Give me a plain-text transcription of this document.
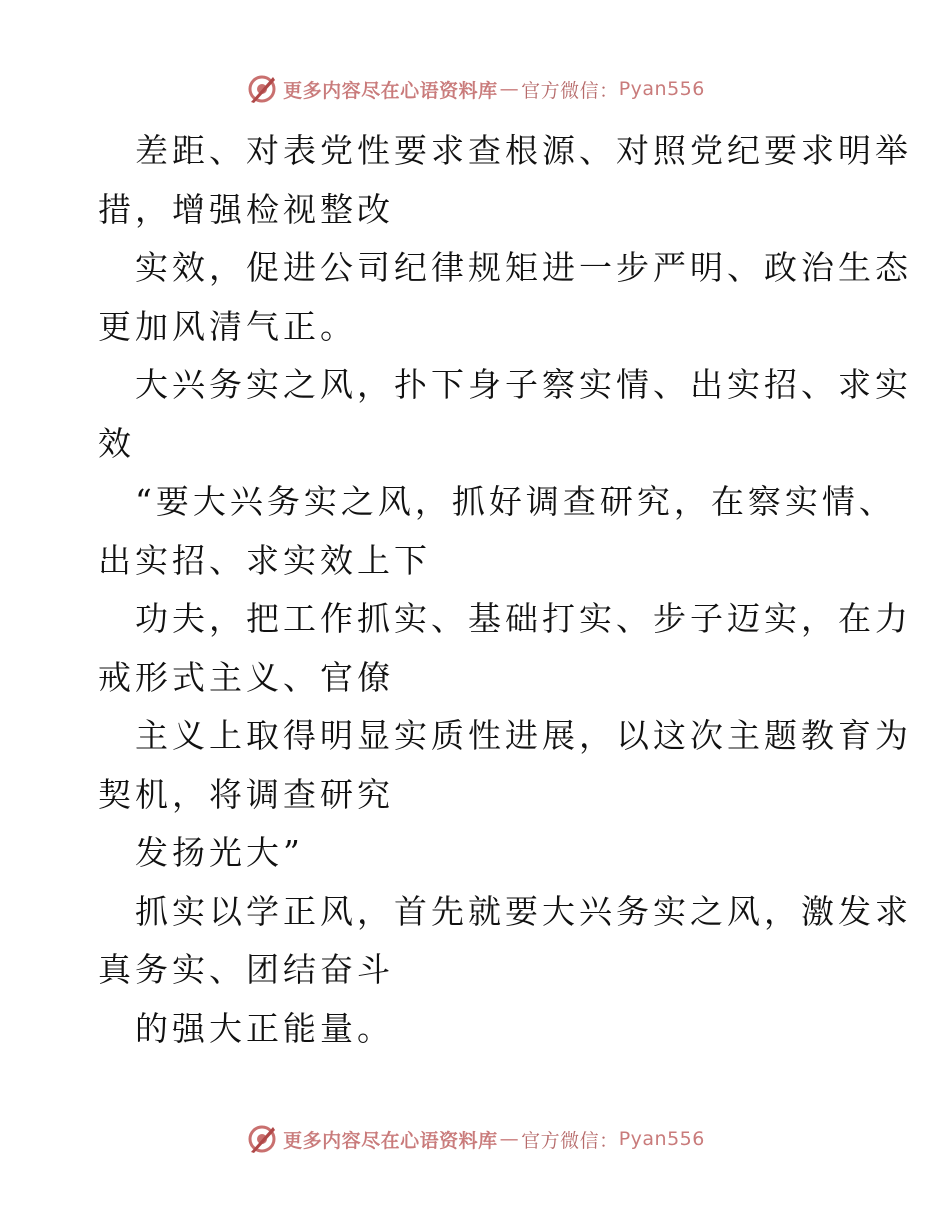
更多内容尽在心语资料库 — 官方微信： Pyan556
差距、对表党性要求查根源、对照党纪要求明举
措，增强检视整改
实效，促进公司纪律规矩进一步严明、政治生态
更加风清气正。
大兴务实之风，扑下身子察实情、出实招、求实
效
“要大兴务实之风，抓好调查研究，在察实情、
出实招、求实效上下
功夫，把工作抓实、基础打实、步子迈实，在力
戒形式主义、官僚
主义上取得明显实质性进展，以这次主题教育为
契机，将调查研究
发扬光大”
抓实以学正风，首先就要大兴务实之风，激发求
真务实、团结奋斗
的强大正能量。
更多内容尽在心语资料库 — 官方微信： Pyan556
